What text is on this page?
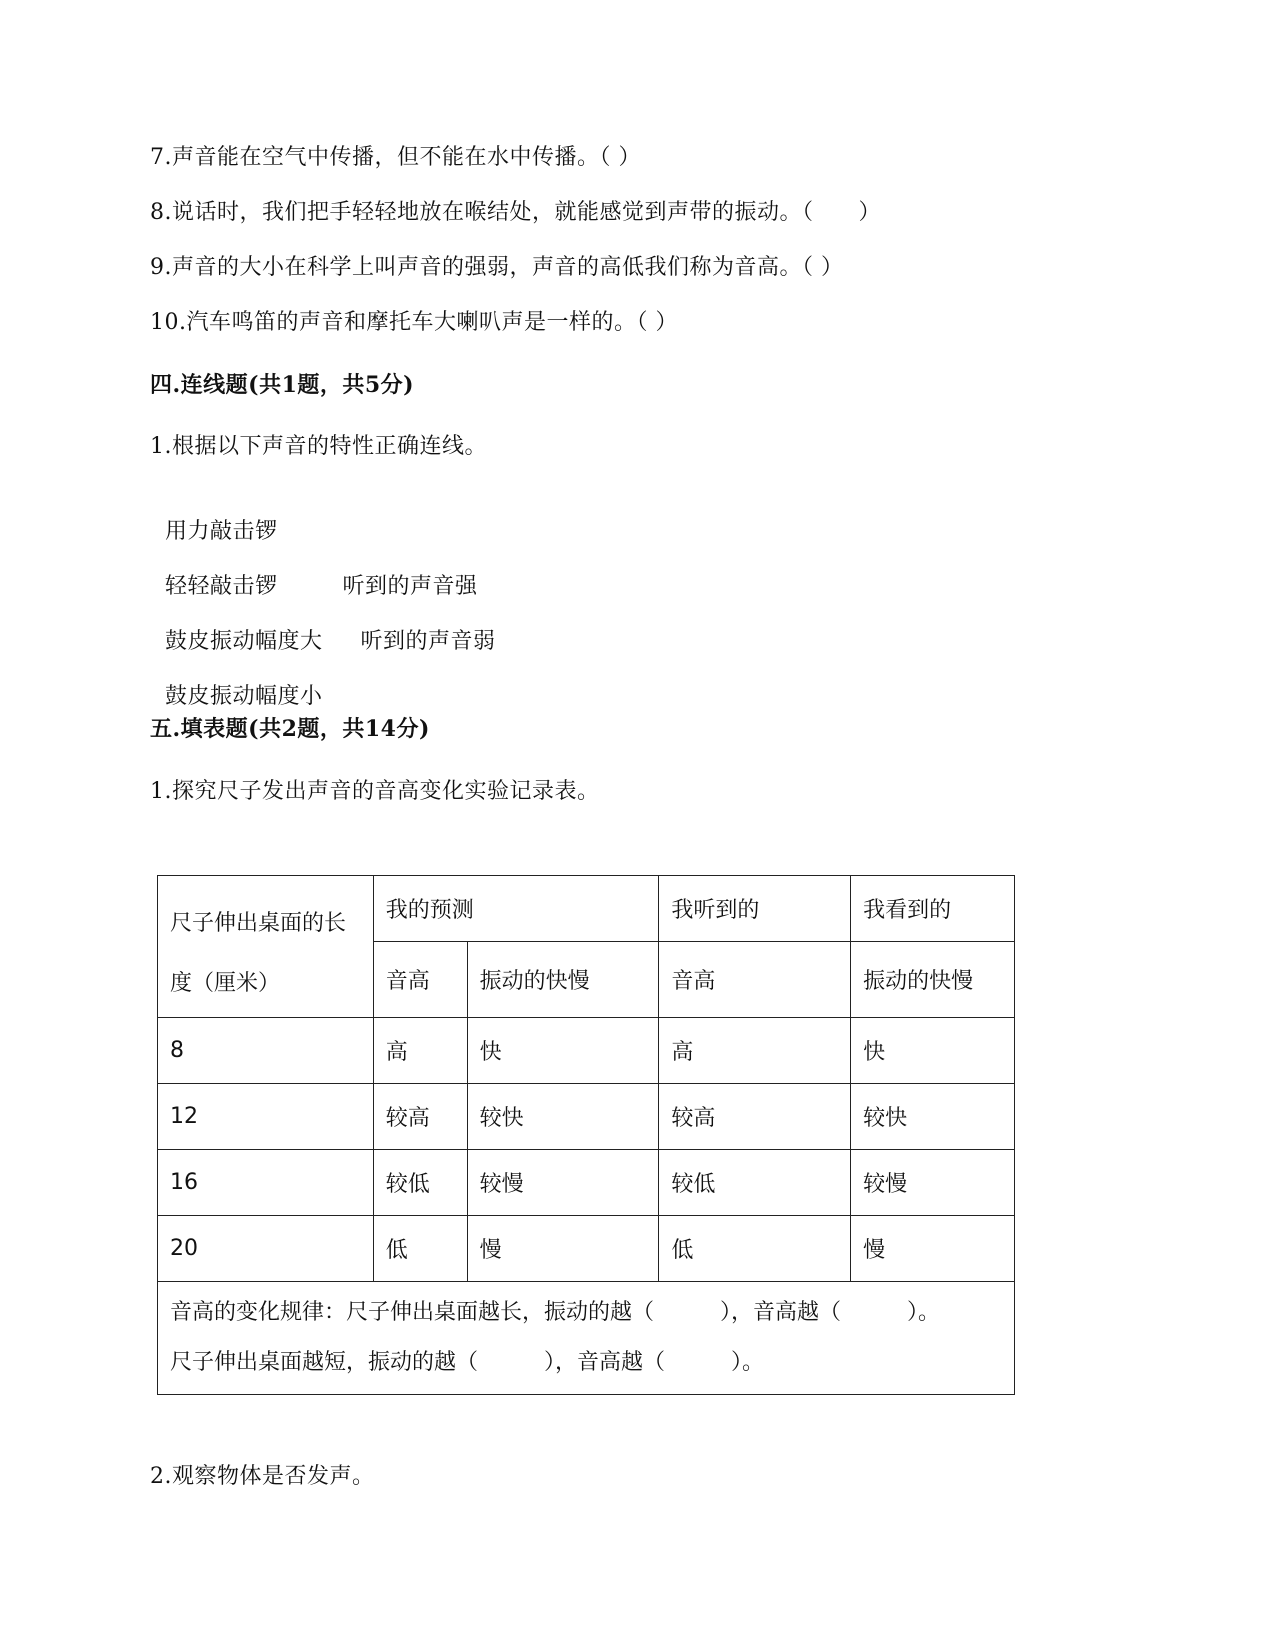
7.声音能在空气中传播，但不能在水中传播。（ ）
8.说话时，我们把手轻轻地放在喉结处，就能感觉到声带的振动。（　　）
9.声音的大小在科学上叫声音的强弱，声音的高低我们称为音高。（ ）
10.汽车鸣笛的声音和摩托车大喇叭声是一样的。（ ）
四.连线题(共1题，共5分)
1.根据以下声音的特性正确连线。

用力敲击锣

轻轻敲击锣	听到的声音强

鼓皮振动幅度大 听到的声音弱

鼓皮振动幅度小

五.填表题(共2题，共14分)
1.探究尺子发出声音的音高变化实验记录表。
尺子伸出桌面的长度（厘米）	我的预测		我听到的	我看到的
	音高	振动的快慢	音高	振动的快慢
8	高	快	高	快
12	较高	较快	较高	较快
16	较低	较慢	较低	较慢
20	低	慢	低	慢

音高的变化规律：尺子伸出桌面越长，振动的越（　　　），音高越（　　　）。
尺子伸出桌面越短，振动的越（　　　），音高越（　　　）。				
2.观察物体是否发声。
